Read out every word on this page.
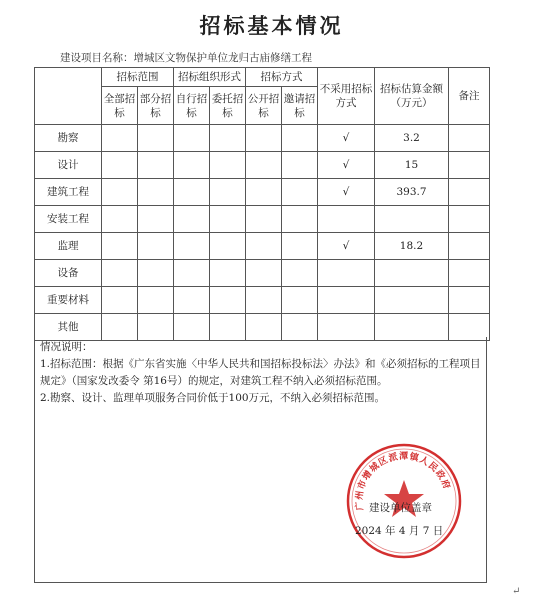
招标基本情况
建设项目名称：增城区文物保护单位龙归古庙修缮工程
	招标范围		招标组织形式		招标方式		不采用招标方式	招标估算金额（万元）	备注
	全部招标	部分招标	自行招标	委托招标	公开招标	邀请招标			
勘察							√	3.2	
设计							√	15	
建筑工程							√	393.7	
安装工程									
监理							√	18.2	
设备									
重要材料									
其他									

情况说明：

1.招标范围：根据《广东省实施〈中华人民共和国招标投标法〉办法》和《必须招标的工程项目规定》（国家发改委令 第16号）的规定，对建筑工程不纳入必须招标范围。

2.勘察、设计、监理单项服务合同价低于100万元，不纳入必须招标范围。

广州市增城区派潭镇人民政府
建设单位盖章
2024 年 4 月 7 日
↵
